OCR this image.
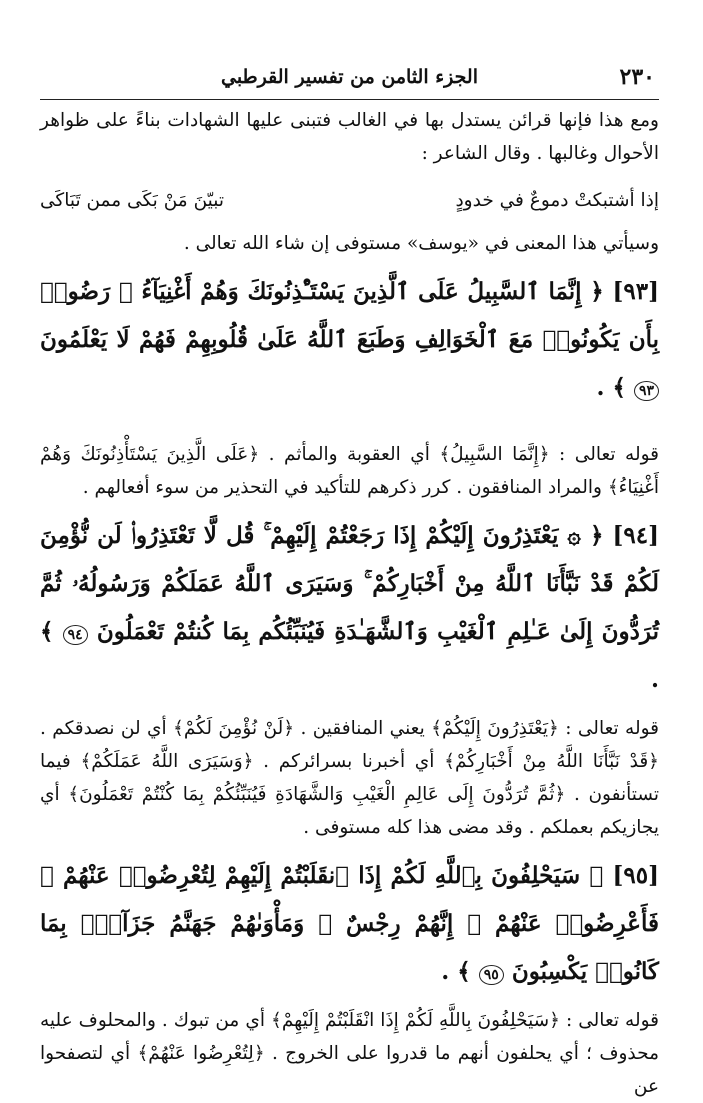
٢٣٠
الجزء الثامن من تفسير القرطبي

ومع هذا فإنها قرائن يستدل بها في الغالب فتبنى عليها الشهادات بناءً على ظواهر الأحوال وغالبها . وقال الشاعر :

إذا أشتبكتْ دموعٌ في خدودٍ
تبيّنَ مَنْ بَكَى ممن تَبَاكَى

وسيأتي هذا المعنى في «يوسف» مستوفى إن شاء الله تعالى .

[٩٣] ﴿ إِنَّمَا ٱلسَّبِيلُ عَلَى ٱلَّذِينَ يَسْتَـْٔذِنُونَكَ وَهُمْ أَغْنِيَآءُ ۚ رَضُوا۟ بِأَن يَكُونُوا۟ مَعَ ٱلْخَوَالِفِ وَطَبَعَ ٱللَّهُ عَلَىٰ قُلُوبِهِمْ فَهُمْ لَا يَعْلَمُونَ ٩٣ ﴾ .

قوله تعالى : ﴿إِنَّمَا السَّبِيلُ﴾ أي العقوبة والمأثم . ﴿عَلَى الَّذِينَ يَسْتَأْذِنُونَكَ وَهُمْ أَغْنِيَاءُ﴾ والمراد المنافقون . كرر ذكرهم للتأكيد في التحذير من سوء أفعالهم .

[٩٤] ﴿ ۞ يَعْتَذِرُونَ إِلَيْكُمْ إِذَا رَجَعْتُمْ إِلَيْهِمْ ۚ قُل لَّا تَعْتَذِرُوا۟ لَن نُّؤْمِنَ لَكُمْ قَدْ نَبَّأَنَا ٱللَّهُ مِنْ أَخْبَارِكُمْ ۚ وَسَيَرَى ٱللَّهُ عَمَلَكُمْ وَرَسُولُهُۥ ثُمَّ تُرَدُّونَ إِلَىٰ عَـٰلِمِ ٱلْغَيْبِ وَٱلشَّهَـٰدَةِ فَيُنَبِّئُكُم بِمَا كُنتُمْ تَعْمَلُونَ ٩٤ ﴾ .

قوله تعالى : ﴿يَعْتَذِرُونَ إِلَيْكُمْ﴾ يعني المنافقين . ﴿لَنْ نُؤْمِنَ لَكُمْ﴾ أي لن نصدقكم . ﴿قَدْ نَبَّأَنَا اللَّهُ مِنْ أَخْبَارِكُمْ﴾ أي أخبرنا بسرائركم . ﴿وَسَيَرَى اللَّهُ عَمَلَكُمْ﴾ فيما تستأنفون . ﴿ثُمَّ تُرَدُّونَ إِلَى عَالِمِ الْغَيْبِ وَالشَّهَادَةِ فَيُنَبِّئُكُمْ بِمَا كُنْتُمْ تَعْمَلُونَ﴾ أي يجازيكم بعملكم . وقد مضى هذا كله مستوفى .

[٩٥] ﴿ سَيَحْلِفُونَ بِٱللَّهِ لَكُمْ إِذَا ٱنقَلَبْتُمْ إِلَيْهِمْ لِتُعْرِضُوا۟ عَنْهُمْ ۖ فَأَعْرِضُوا۟ عَنْهُمْ ۖ إِنَّهُمْ رِجْسٌ ۖ وَمَأْوَىٰهُمْ جَهَنَّمُ جَزَآءًۢ بِمَا كَانُوا۟ يَكْسِبُونَ ٩٥ ﴾ .

قوله تعالى : ﴿سَيَحْلِفُونَ بِاللَّهِ لَكُمْ إِذَا انْقَلَبْتُمْ إِلَيْهِمْ﴾ أي من تبوك . والمحلوف عليه محذوف ؛ أي يحلفون أنهم ما قدروا على الخروج . ﴿لِتُعْرِضُوا عَنْهُمْ﴾ أي لتصفحوا عن
